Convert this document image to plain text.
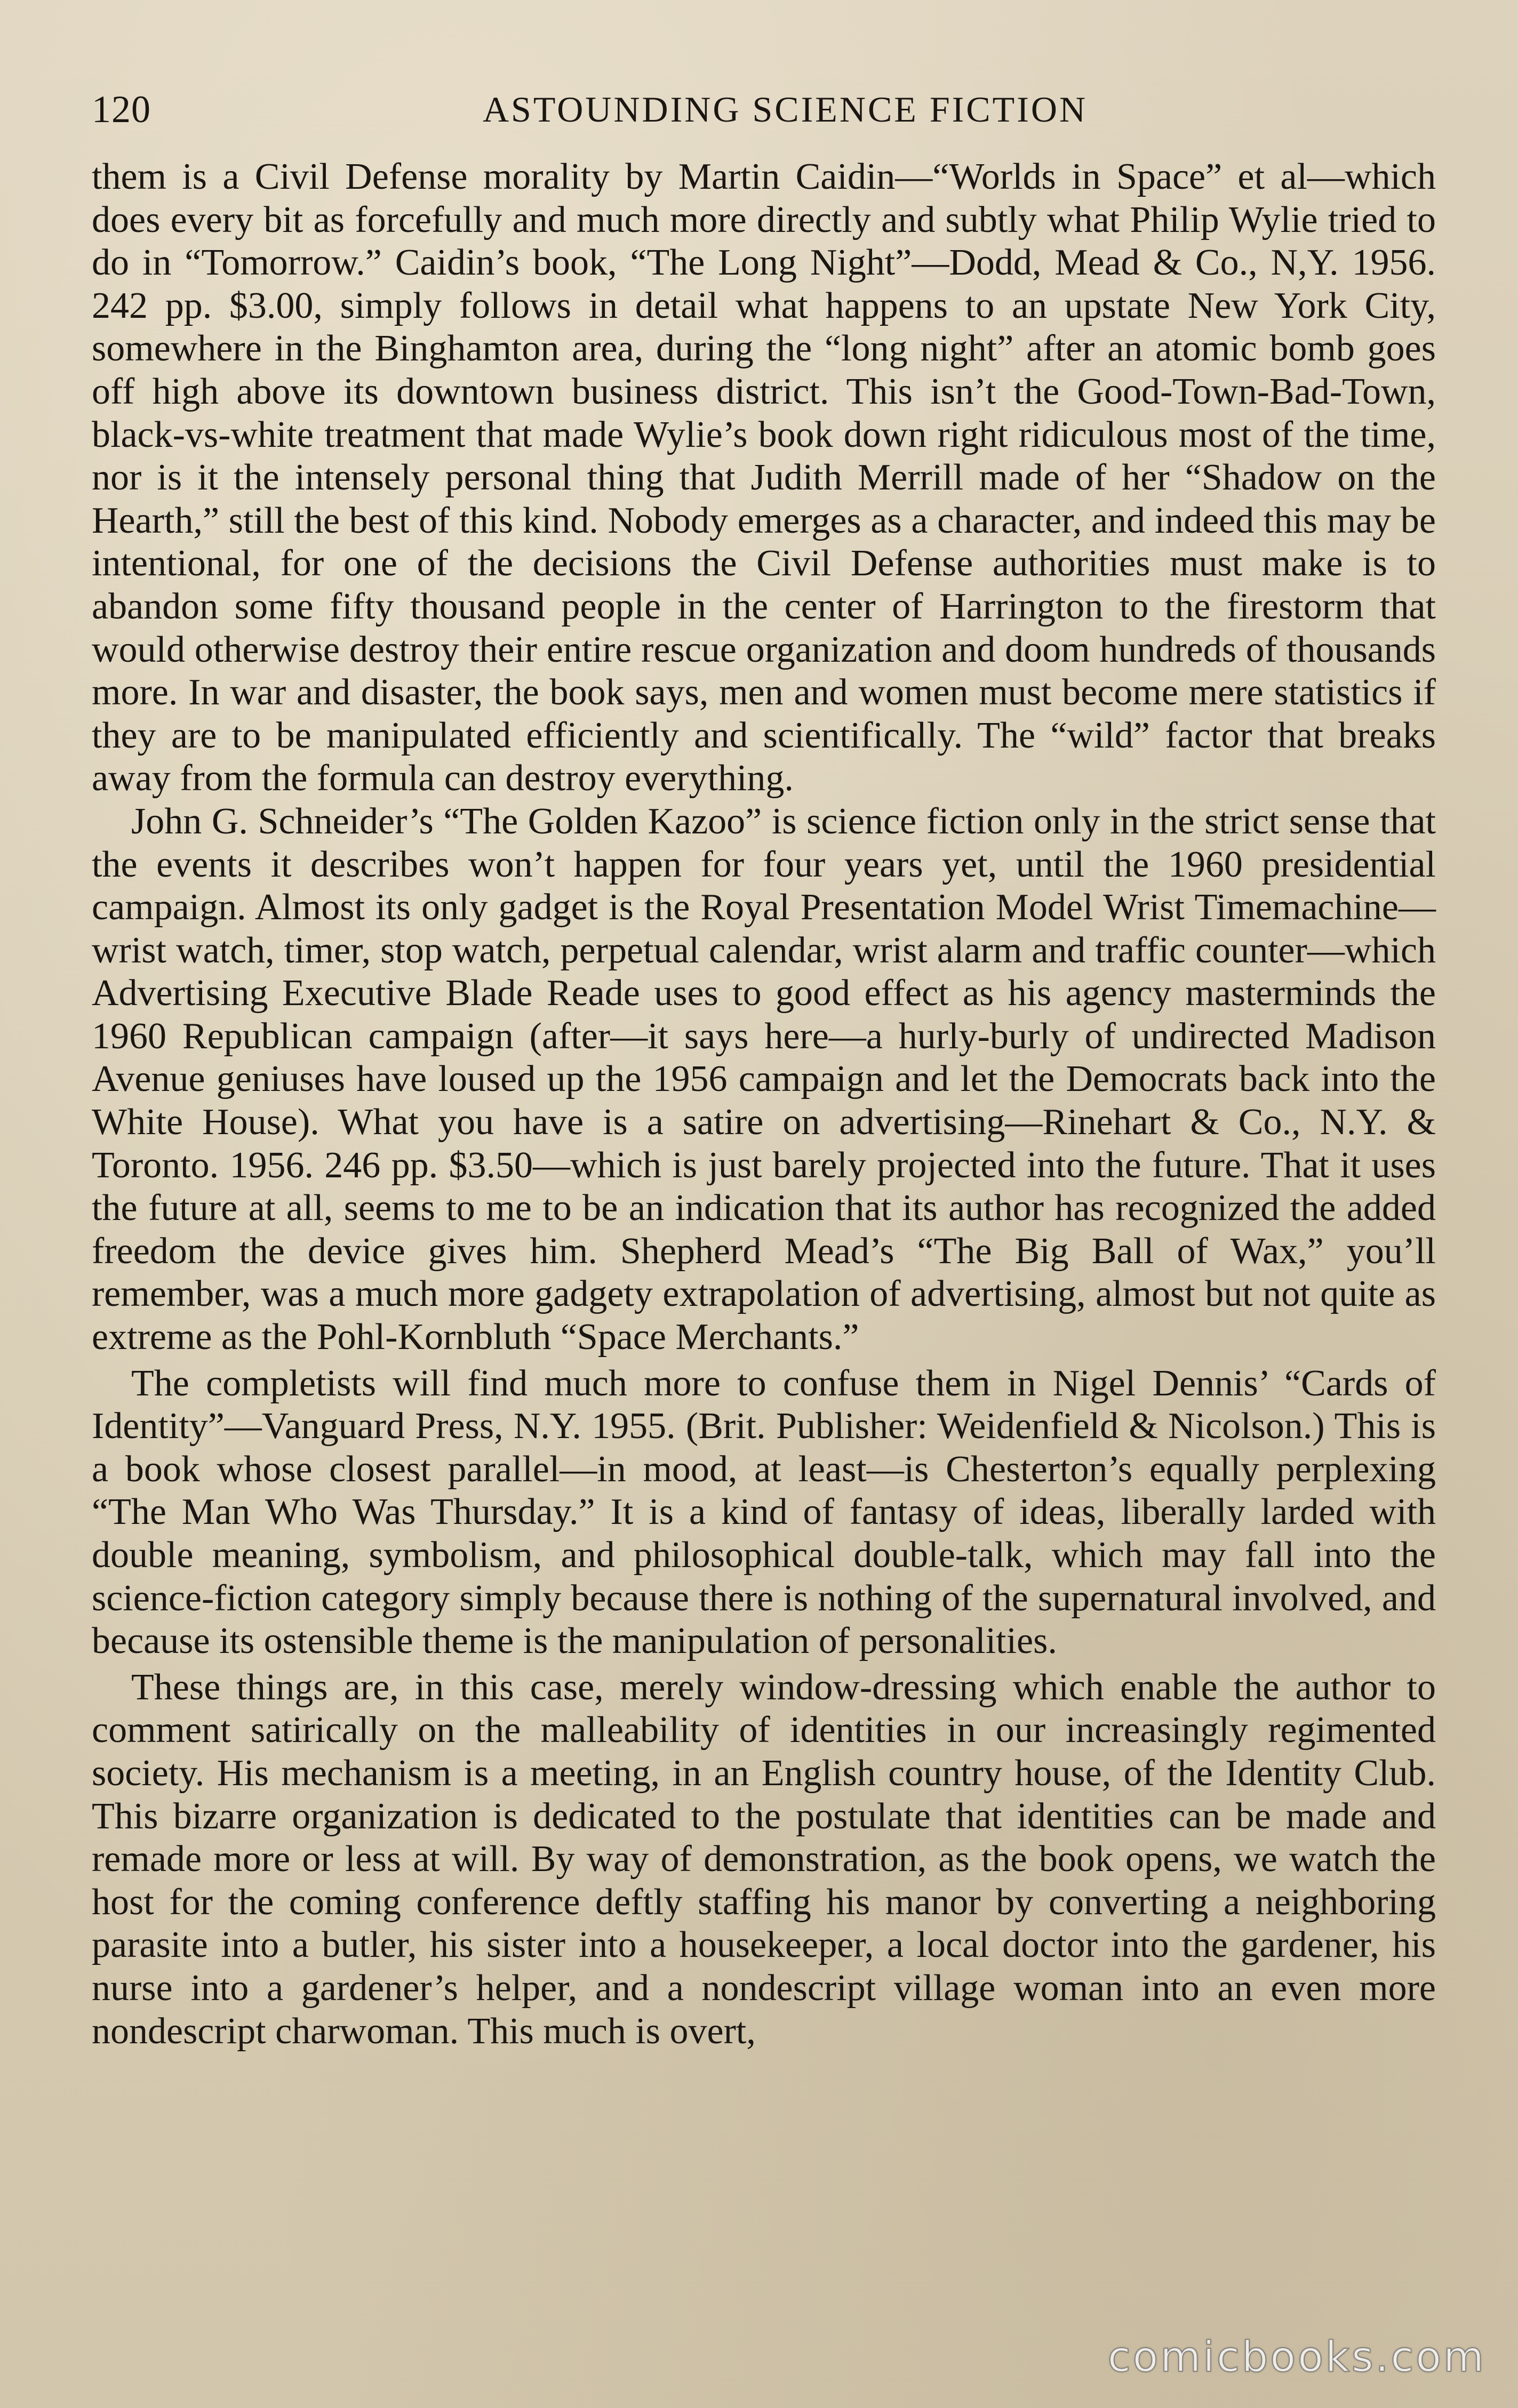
120	ASTOUNDING SCIENCE FICTION

them is a Civil Defense morality by Martin Caidin—“Worlds in Space” et al—which does every bit as forcefully and much more directly and subtly what Philip Wylie tried to do in “Tomorrow.” Caidin’s book, “The Long Night”—Dodd, Mead & Co., N,Y. 1956. 242 pp. $3.00, simply follows in detail what happens to an upstate New York City, somewhere in the Binghamton area, during the “long night” after an atomic bomb goes off high above its downtown business district. This isn’t the Good-Town-Bad-Town, black-vs-white treatment that made Wylie’s book down right ridiculous most of the time, nor is it the intensely personal thing that Judith Merrill made of her “Shadow on the Hearth,” still the best of this kind. Nobody emerges as a character, and indeed this may be intentional, for one of the decisions the Civil Defense authorities must make is to abandon some fifty thousand people in the center of Harrington to the firestorm that would otherwise destroy their entire rescue organization and doom hundreds of thousands more. In war and disaster, the book says, men and women must become mere statistics if they are to be manipulated efficiently and scientifically. The “wild” factor that breaks away from the formula can destroy everything.

John G. Schneider’s “The Golden Kazoo” is science fiction only in the strict sense that the events it describes won’t happen for four years yet, until the 1960 presidential campaign. Almost its only gadget is the Royal Presentation Model Wrist Timemachine—wrist watch, timer, stop watch, perpetual calendar, wrist alarm and traffic counter—which Advertising Executive Blade Reade uses to good effect as his agency masterminds the 1960 Republican campaign (after—it says here—a hurly-burly of undirected Madison Avenue geniuses have loused up the 1956 campaign and let the Democrats back into the White House). What you have is a satire on advertising—Rinehart & Co., N.Y. & Toronto. 1956. 246 pp. $3.50—which is just barely projected into the future. That it uses the future at all, seems to me to be an indication that its author has recognized the added freedom the device gives him. Shepherd Mead’s “The Big Ball of Wax,” you’ll remember, was a much more gadgety extrapolation of advertising, almost but not quite as extreme as the Pohl-Kornbluth “Space Merchants.”

The completists will find much more to confuse them in Nigel Dennis’ “Cards of Identity”—Vanguard Press, N.Y. 1955. (Brit. Publisher: Weidenfield & Nicolson.) This is a book whose closest parallel—in mood, at least—is Chesterton’s equally perplexing “The Man Who Was Thursday.” It is a kind of fantasy of ideas, liberally larded with double meaning, symbolism, and philosophical double-talk, which may fall into the science-fiction category simply because there is nothing of the supernatural involved, and because its ostensible theme is the manipulation of personalities.

These things are, in this case, merely window-dressing which enable the author to comment satirically on the malleability of identities in our increasingly regimented society. His mechanism is a meeting, in an English country house, of the Identity Club. This bizarre organization is dedicated to the postulate that identities can be made and remade more or less at will. By way of demonstration, as the book opens, we watch the host for the coming conference deftly staffing his manor by converting a neighboring parasite into a butler, his sister into a housekeeper, a local doctor into the gardener, his nurse into a gardener’s helper, and a nondescript village woman into an even more nondescript charwoman. This much is overt,

comicbooks.com
